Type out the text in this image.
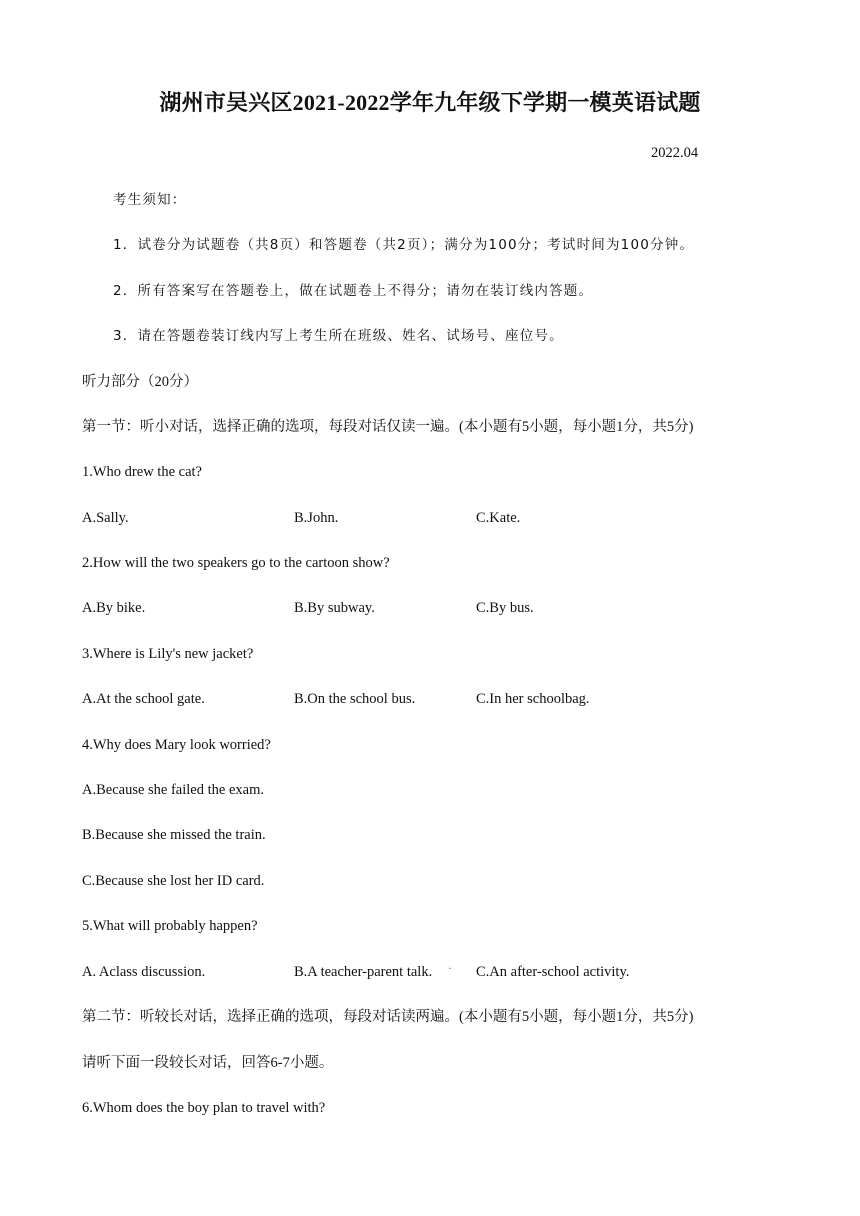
湖州市吴兴区2021-2022学年九年级下学期一模英语试题
2022.04
考生须知：
1．试卷分为试题卷（共8页）和答题卷（共2页）；满分为100分；考试时间为100分钟。
2．所有答案写在答题卷上，做在试题卷上不得分；请勿在装订线内答题。
3．请在答题卷装订线内写上考生所在班级、姓名、试场号、座位号。
听力部分（20分）
第一节：听小对话，选择正确的选项，每段对话仅读一遍。(本小题有5小题，每小题1分，共5分)
1.Who drew the cat?
A.Sally.	B.John.	C.Kate.
2.How will the two speakers go to the cartoon show?
A.By bike.	B.By subway.	C.By bus.
3.Where is Lily's new jacket?
A.At the school gate.	B.On the school bus.	C.In her schoolbag.
4.Why does Mary look worried?
A.Because she failed the exam.
B.Because she missed the train.
C.Because she lost her ID card.
5.What will probably happen?
A. Aclass discussion.	B.A teacher-parent talk. · C.An after-school activity.
第二节：听较长对话，选择正确的选项，每段对话读两遍。(本小题有5小题，每小题1分，共5分)
请听下面一段较长对话，回答6-7小题。
6.Whom does the boy plan to travel with?
